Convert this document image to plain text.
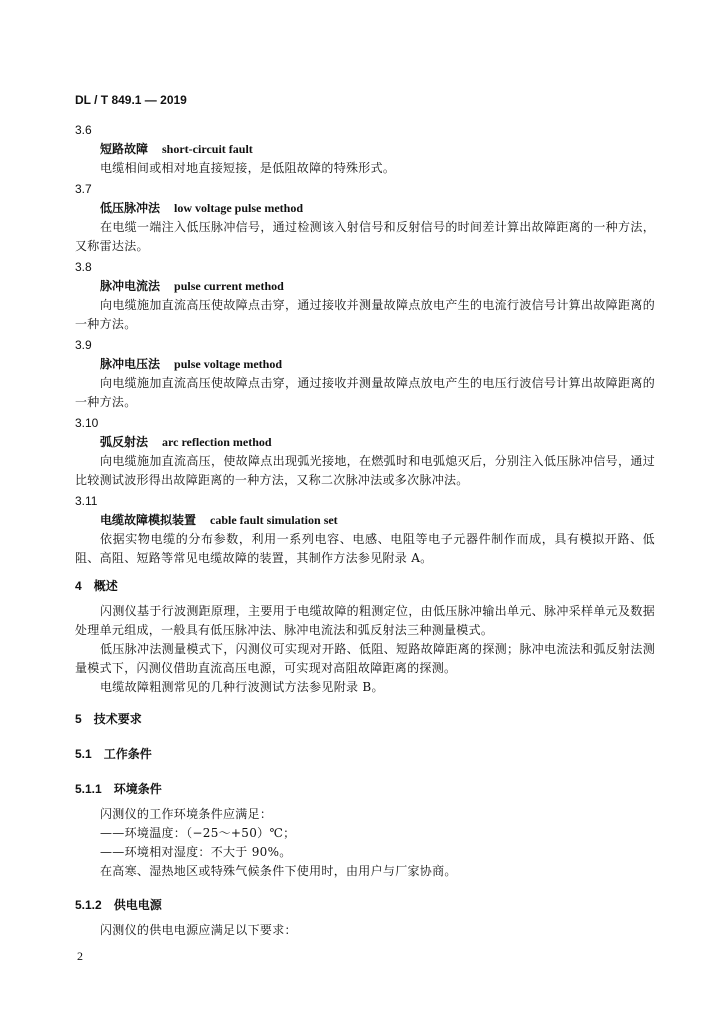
DL / T 849.1 — 2019
3.6
短路故障 short-circuit fault

电缆相间或相对地直接短接，是低阻故障的特殊形式。

3.7
低压脉冲法 low voltage pulse method

在电缆一端注入低压脉冲信号，通过检测该入射信号和反射信号的时间差计算出故障距离的一种方法，又称雷达法。

3.8
脉冲电流法 pulse current method

向电缆施加直流高压使故障点击穿，通过接收并测量故障点放电产生的电流行波信号计算出故障距离的一种方法。

3.9
脉冲电压法 pulse voltage method

向电缆施加直流高压使故障点击穿，通过接收并测量故障点放电产生的电压行波信号计算出故障距离的一种方法。

3.10
弧反射法 arc reflection method

向电缆施加直流高压，使故障点出现弧光接地，在燃弧时和电弧熄灭后，分别注入低压脉冲信号，通过比较测试波形得出故障距离的一种方法，又称二次脉冲法或多次脉冲法。

3.11
电缆故障模拟装置 cable fault simulation set

依据实物电缆的分布参数，利用一系列电容、电感、电阻等电子元器件制作而成，具有模拟开路、低阻、高阻、短路等常见电缆故障的装置，其制作方法参见附录 A。

4 概述

闪测仪基于行波测距原理，主要用于电缆故障的粗测定位，由低压脉冲输出单元、脉冲采样单元及数据处理单元组成，一般具有低压脉冲法、脉冲电流法和弧反射法三种测量模式。

低压脉冲法测量模式下，闪测仪可实现对开路、低阻、短路故障距离的探测；脉冲电流法和弧反射法测量模式下，闪测仪借助直流高压电源，可实现对高阻故障距离的探测。

电缆故障粗测常见的几种行波测试方法参见附录 B。

5 技术要求
5.1 工作条件
5.1.1 环境条件

闪测仪的工作环境条件应满足：

——环境温度：（−25～+50）℃；
——环境相对湿度：不大于 90%。

在高寒、湿热地区或特殊气候条件下使用时，由用户与厂家协商。

5.1.2 供电电源

闪测仪的供电电源应满足以下要求：

2
